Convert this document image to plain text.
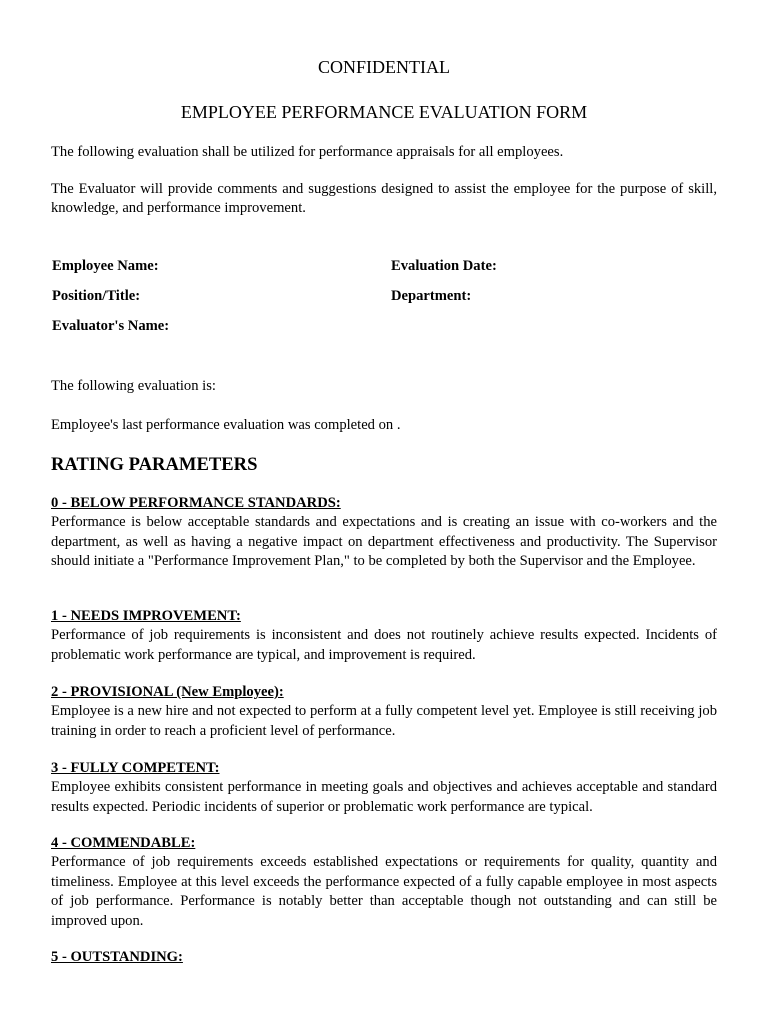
CONFIDENTIAL
EMPLOYEE PERFORMANCE EVALUATION FORM

The following evaluation shall be utilized for performance appraisals for all employees.

The Evaluator will provide comments and suggestions designed to assist the employee for the purpose of skill, knowledge, and performance improvement.

Employee Name:	Evaluation Date:
Position/Title:	Department:
Evaluator's Name:

The following evaluation is:

Employee's last performance evaluation was completed on .

RATING PARAMETERS
0 - BELOW PERFORMANCE STANDARDS:

Performance is below acceptable standards and expectations and is creating an issue with co-workers and the department, as well as having a negative impact on department effectiveness and productivity. The Supervisor should initiate a "Performance Improvement Plan," to be completed by both the Supervisor and the Employee.

1 - NEEDS IMPROVEMENT:

Performance of job requirements is inconsistent and does not routinely achieve results expected. Incidents of problematic work performance are typical, and improvement is required.

2 - PROVISIONAL (New Employee):

Employee is a new hire and not expected to perform at a fully competent level yet. Employee is still receiving job training in order to reach a proficient level of performance.

3 - FULLY COMPETENT:

Employee exhibits consistent performance in meeting goals and objectives and achieves acceptable and standard results expected. Periodic incidents of superior or problematic work performance are typical.

4 - COMMENDABLE:

Performance of job requirements exceeds established expectations or requirements for quality, quantity and timeliness. Employee at this level exceeds the performance expected of a fully capable employee in most aspects of job performance. Performance is notably better than acceptable though not outstanding and can still be improved upon.

5 - OUTSTANDING:
